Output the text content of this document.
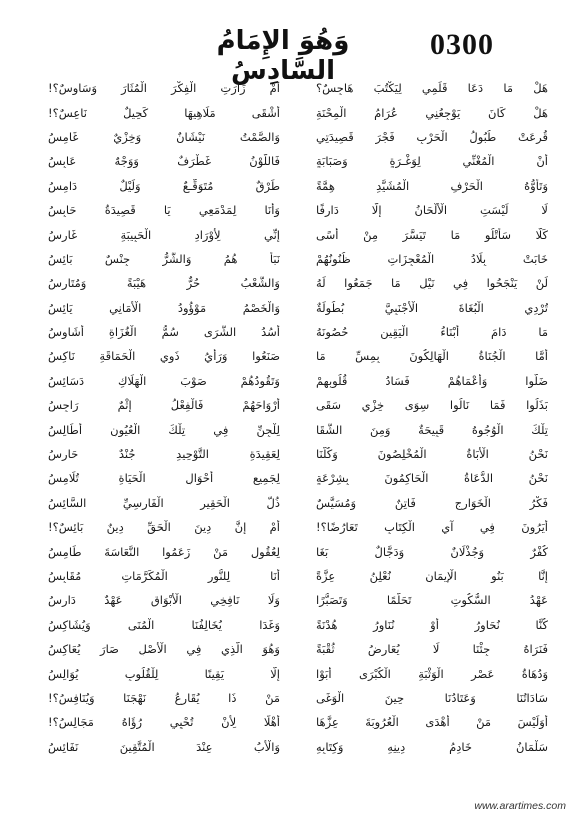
وَهُوَ الإِمَامُ السَّادِسُ
0300
هَلْ مَا دَعَا قَلَمِي لِيَكْتُبَ هَاجِسٌ؟
أَمْ زَارَتِ الْفِكْرَ الْمُثَارَ وَسَاوِسٌ؟!
هَلْ كَانَ يَوْجِعُنِي عُرَامُ الْمِحْنَةِ
أَشْقَى مَلَاهِيهَا كَحِيلٌ نَاعِسٌ؟!
قُرِعَتْ طُبُولُ الْحَرْبِ فَجْرَ قَصِيدَتِي
وَالصَّمْتُ نَيْشَانٌ وَخِزْيٌ غَامِسُ
أَنْ الْمُغْنِّي لِوَغْـرَةٍ وَصَبَابَةٍ
فَاللَّوْنُ غَطْرَفٌ وَوَجْهٌ عَابِسُ
وَتَأَوُّهُ الْحَرْفِ الْمُشَيَّدِ هِمَّةً
طَرْقٌ مُتَوَقِّـعٌ وَلَيْلٌ دَامِسُ
لَا لَيْسَتِ الْأَلْحَانُ إِلَّا دَارِفًا
وَأَنَا لِمَدْمَعِي يَا قَصِيدَةُ حَابِسُ
كَلَّا سَأَتْلُو مَا تَيَسَّرَ مِنْ أَسًى
إِنِّي لِأَوْرَادِ الْحَبِيبَةِ غَارِسُ
خَابَتْ بِلَادُ الْمُعْجِزَاتِ ظُنُونُهُمْ
نَبَأٌ هُمُ وَالشَّرُّ جِنْسٌ بَائِسُ
لَنْ يَنْجَحُوا فِي نَيْلِ مَا جَمَعُوا لَهُ
وَالشَّعْبُ حُرٌّ هَيْبَةً وَمُتَارِسُ
تُرْدِي الْبُغَاةَ الْأَجْنَبِيَّ بُطُولَةٌ
وَالْخَصْمُ مَوْؤُودُ الْأَمَانِي يَائِسُ
مَا دَامَ أَبْنَاءُ الْيَقِينِ حُصُونَهُ
أُسُدُ الشَّرَى سُمُّ الْغُزَاةِ أَشَاوِسُ
أَمَّا الْجُنَاةُ الْهَالِكُونَ بِمِسِّ مَا
صَنَعُوا وَرَأْيُ ذَوِي الْحَمَاقَةِ نَاكِسُ
ضَلُّوا وَأَعْمَاهُمْ فَسَادُ قُلُوبِهِمْ
وَتَقُودُهُمْ صَوْبَ الْهَلَاكِ دَسَائِسُ
بَذَلُوا فَمَا نَالُوا سِوَى خِزْيٍ سَقَى
أَرْوَاحَهُمْ فَالْفِعْلُ إِثْمٌ رَاجِسُ
تِلْكَ الْوُجُوهُ قَبِيحَةٌ وَمِنَ الشَّقَا
لِلْجِنِّ فِي تِلْكَ الْعُيُونِ أَطَالِسُ
نَحْنُ الْأُبَاةُ الْمُخْلِصُونَ وَكُلُّنَا
لِعَقِيدَةِ التَّوْحِيدِ جُنْدٌ حَارِسُ
نَحْنُ الدُّعَاةُ الْحَاكِمُونَ بِشِرْعَةٍ
لِجَمِيعِ أَحْوَالِ الْحَيَاةِ تُلَامِسُ
فَكْرُ الْخَوَارِجِ فَاتِنٌ وَمُسَيَّسٌ
ذُلُّ الْحَقِيرِ الْفَارِسِيِّ السَّائِسُ
أَيَرُونَ فِي آيِ الْكِتَابِ تَعَارُضًا؟!
أَمْ إِنَّ دِينَ الْحَقِّ دِينٌ بَائِسٌ؟!
كُفْرٌ وَجُذْلَانٌ وَدَجَّالٌ بَغَا
لِعُقُولِ مَنْ زَعَمُوا النَّعَاسَةَ طَامِسُ
إِنَّا بَنُو الْإِيمَانِ نُعْلِنُ عِزَّةً
أَنَا لِلنُّورِ الْمُكَرَّمَاتِ مُقَابِسُ
عَهْدُ السُّكُوتِ تَحَلُّمًا وَتَصَبُّرًا
وَلَا نَافِخِي الْأَبْوَاقِ عَهْدٌ دَارِسُ
كُنَّا نُحَاوِرُ أَوْ نُنَاوِرُ هُدْنَةً
وَغَدَا يُخَالِفُنَا الْمُنَى وَيُشَاكِسُ
فَنَرَاهُ جِئْنَا لَا يُعَارِضُ ثُقْبَةً
وَهُوَ الَّذِي فِي الْأَصْلِ صَارَ يُعَاكِسُ
وَدُهَاةُ عَصْرِ الْوَثْبَةِ الْكُبْرَى أَبَوْا
إِلَّا يَقِينًا لِلْقُلُوبِ يُوَالِسُ
سَادَاتُنَا وَعَتَادُنَا حِينَ الْوَغَى
مَنْ ذَا يُقَارِعُ نَهْجَنَا وَيُنَافِسُ؟!
أَوَلَيْسَ مَنْ أَهْدَى الْعُرُوبَةَ عِزَّهَا
أَهْلًا لِأَنْ تُحْيِي رُؤَاهُ مَجَالِسُ؟!
سَلْمَانُ خَادِمُ دِينِهِ وَكِتَابِهِ
وَالْأَبُ عِنْدَ الْمُتَّقِينَ نَفَائِسُ
www.arartimes.com
